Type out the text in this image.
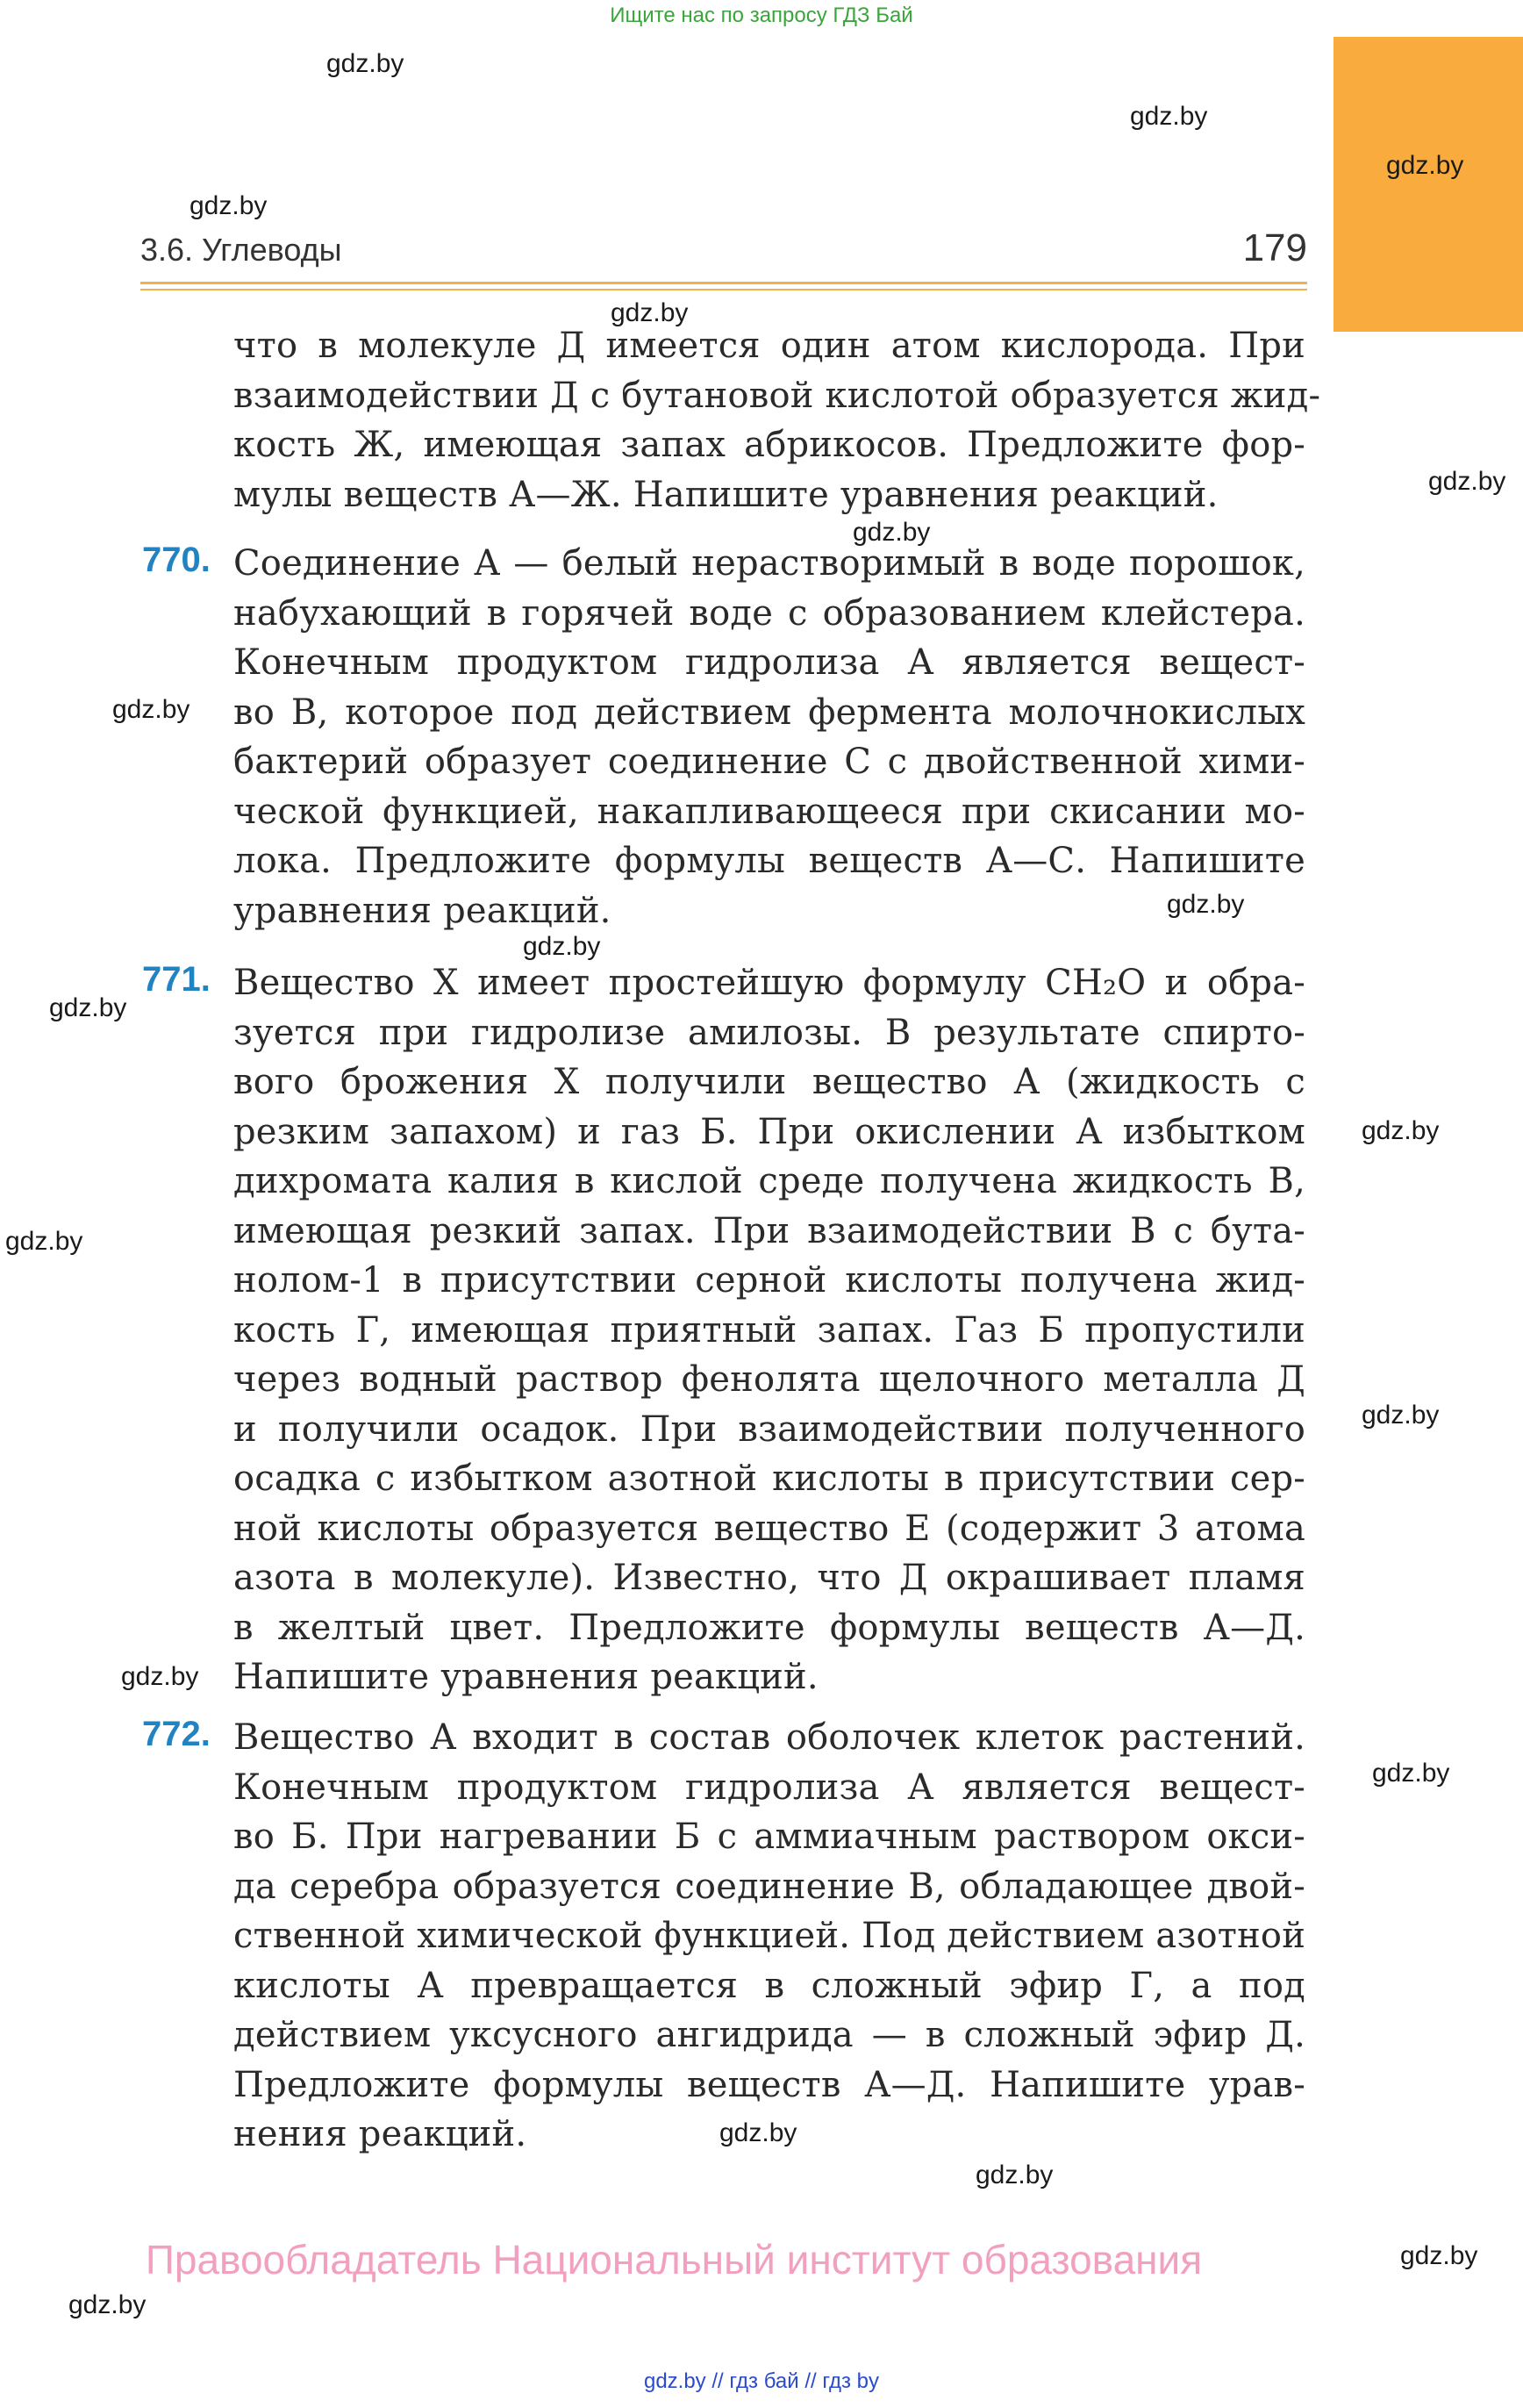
Ищите нас по запросу ГДЗ Бай
gdz.by
gdz.by
gdz.by
gdz.by
gdz.by
gdz.by
gdz.by
gdz.by
gdz.by
gdz.by
gdz.by
gdz.by
gdz.by
gdz.by
gdz.by
gdz.by
gdz.by
gdz.by
gdz.by
gdz.by
3.6. Углеводы	179
что в молекуле Д имеется один атом кислорода. При
взаимодействии Д с бутановой кислотой образуется жид-
кость Ж, имеющая запах абрикосов. Предложите фор-
мулы веществ А—Ж. Напишите уравнения реакций.
770. Соединение А — белый нерастворимый в воде порошок,
набухающий в горячей воде с образованием клейстера.
Конечным продуктом гидролиза А является вещест-
во В, которое под действием фермента молочнокислых
бактерий образует соединение С с двойственной хими-
ческой функцией, накапливающееся при скисании мо-
лока. Предложите формулы веществ А—С. Напишите
уравнения реакций.
771. Вещество Х имеет простейшую формулу CH₂O и обра-
зуется при гидролизе амилозы. В результате спирто-
вого брожения Х получили вещество А (жидкость с
резким запахом) и газ Б. При окислении А избытком
дихромата калия в кислой среде получена жидкость В,
имеющая резкий запах. При взаимодействии В с бута-
нолом-1 в присутствии серной кислоты получена жид-
кость Г, имеющая приятный запах. Газ Б пропустили
через водный раствор фенолята щелочного металла Д
и получили осадок. При взаимодействии полученного
осадка с избытком азотной кислоты в присутствии сер-
ной кислоты образуется вещество Е (содержит 3 атома
азота в молекуле). Известно, что Д окрашивает пламя
в желтый цвет. Предложите формулы веществ А—Д.
Напишите уравнения реакций.
772. Вещество А входит в состав оболочек клеток растений.
Конечным продуктом гидролиза А является вещест-
во Б. При нагревании Б с аммиачным раствором окси-
да серебра образуется соединение В, обладающее двой-
ственной химической функцией. Под действием азотной
кислоты А превращается в сложный эфир Г, а под
действием уксусного ангидрида — в сложный эфир Д.
Предложите формулы веществ А—Д. Напишите урав-
нения реакций.
Правообладатель Национальный институт образования
gdz.by // гдз бай // гдз by
